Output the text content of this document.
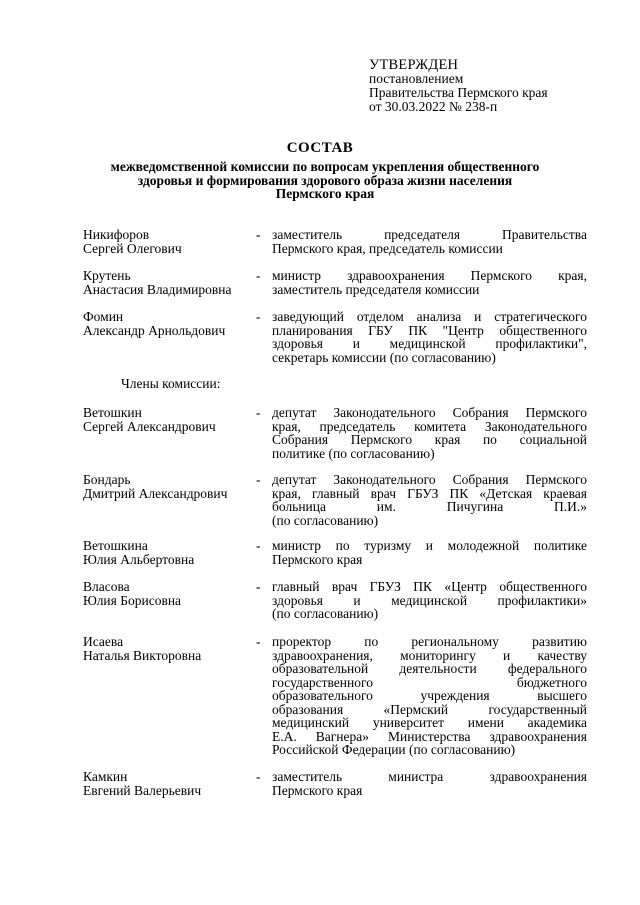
УТВЕРЖДЕН
постановлением
Правительства Пермского края
от 30.03.2022 № 238-п
СОСТАВ
межведомственной комиссии по вопросам укрепления общественного
здоровья и формирования здорового образа жизни населения
Пермского края
Никифоров
Сергей Олегович
- заместитель председателя Правительства
Пермского края, председатель комиссии
Крутень
Анастасия Владимировна
- министр здравоохранения Пермского края,
заместитель председателя комиссии
Фомин
Александр Арнольдович
- заведующий отделом анализа и стратегического
планирования ГБУ ПК "Центр общественного
здоровья и медицинской профилактики",
секретарь комиссии (по согласованию)
Члены комиссии:
Ветошкин
Сергей Александрович
- депутат Законодательного Собрания Пермского
края, председатель комитета Законодательного
Собрания Пермского края по социальной
политике (по согласованию)
Бондарь
Дмитрий Александрович
- депутат Законодательного Собрания Пермского
края, главный врач ГБУЗ ПК «Детская краевая
больница им. Пичугина П.И.»
(по согласованию)
Ветошкина
Юлия Альбертовна
- министр по туризму и молодежной политике
Пермского края
Власова
Юлия Борисовна
- главный врач ГБУЗ ПК «Центр общественного
здоровья и медицинской профилактики»
(по согласованию)
Исаева
Наталья Викторовна
- проректор по региональному развитию
здравоохранения, мониторингу и качеству
образовательной деятельности федерального
государственного бюджетного
образовательного учреждения высшего
образования «Пермский государственный
медицинский университет имени академика
Е.А. Вагнера» Министерства здравоохранения
Российской Федерации (по согласованию)
Камкин
Евгений Валерьевич
- заместитель министра здравоохранения
Пермского края
